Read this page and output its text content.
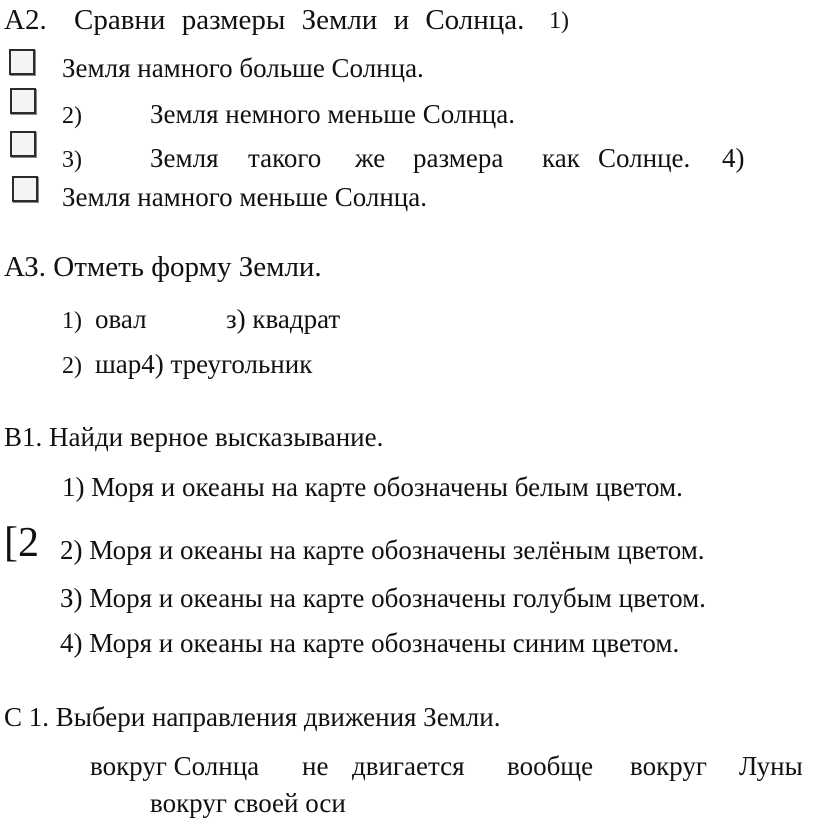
А2. Сравни размеры Земли и Солнца. 1)
Земля намного больше Солнца.
2)	Земля немного меньше Солнца.
3)	Земля такого же размера как Солнце. 4)
Земля намного меньше Солнца.
АЗ. Отметь форму Земли.
1) овал	з) квадрат
2) шар4) треугольник
В1. Найди верное высказывание.
1) Моря и океаны на карте обозначены белым цветом.
[2 2) Моря и океаны на карте обозначены зелёным цветом.
З) Моря и океаны на карте обозначены голубым цветом.
4) Моря и океаны на карте обозначены синим цветом.
С 1. Выбери направления движения Земли.
вокруг Солнца не двигается вообще вокруг Луны
вокруг своей оси
